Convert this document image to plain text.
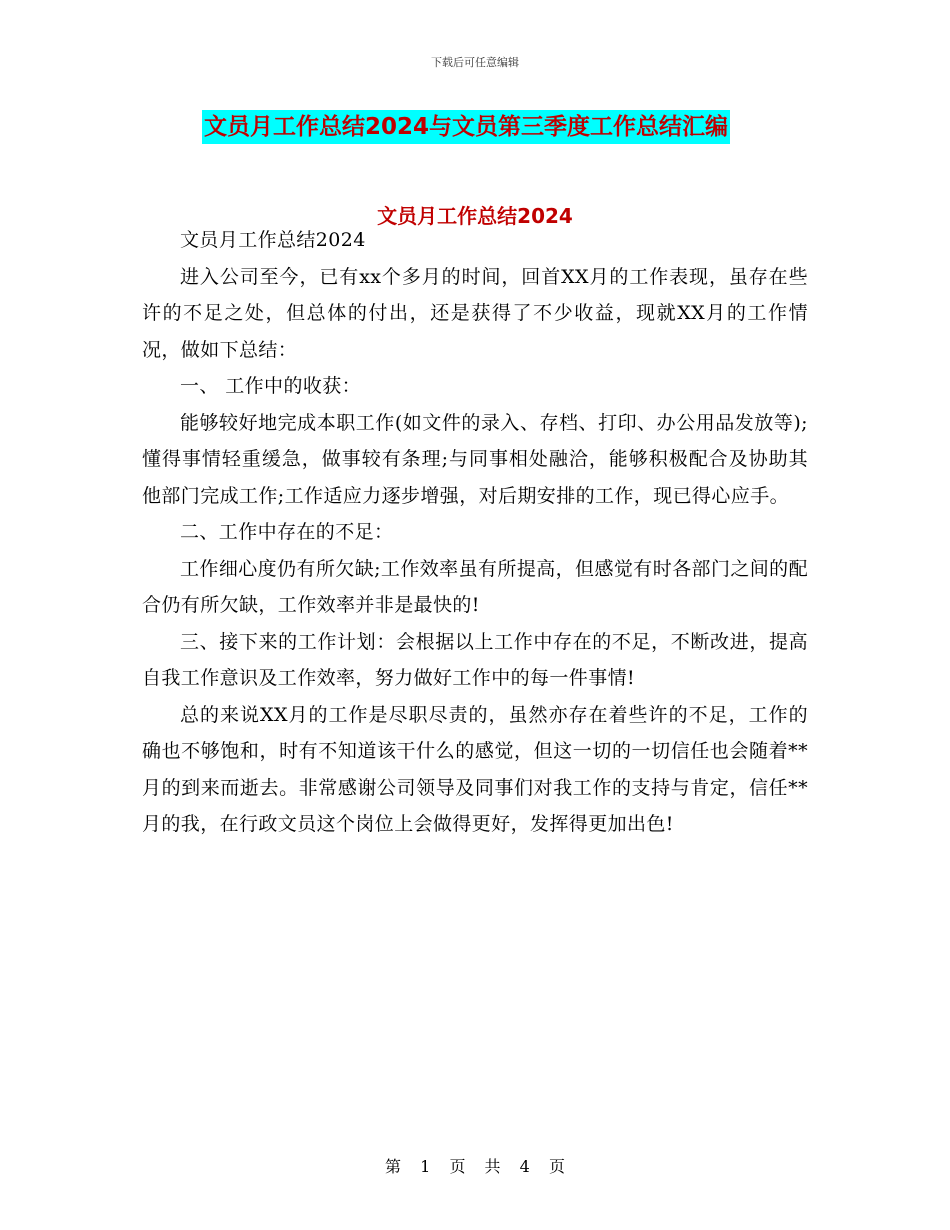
下载后可任意编辑
文员月工作总结2024与文员第三季度工作总结汇编
文员月工作总结2024

文员月工作总结2024

进入公司至今，已有xx个多月的时间，回首XX月的工作表现，虽存在些许的不足之处，但总体的付出，还是获得了不少收益，现就XX月的工作情况，做如下总结：

一、 工作中的收获：

能够较好地完成本职工作(如文件的录入、存档、打印、办公用品发放等);懂得事情轻重缓急，做事较有条理;与同事相处融洽，能够积极配合及协助其他部门完成工作;工作适应力逐步增强，对后期安排的工作，现已得心应手。

二、工作中存在的不足：

工作细心度仍有所欠缺;工作效率虽有所提高，但感觉有时各部门之间的配合仍有所欠缺，工作效率并非是最快的!

三、接下来的工作计划：会根据以上工作中存在的不足，不断改进，提高自我工作意识及工作效率，努力做好工作中的每一件事情!

总的来说XX月的工作是尽职尽责的，虽然亦存在着些许的不足，工作的确也不够饱和，时有不知道该干什么的感觉，但这一切的一切信任也会随着**月的到来而逝去。非常感谢公司领导及同事们对我工作的支持与肯定，信任**月的我，在行政文员这个岗位上会做得更好，发挥得更加出色!

第 1 页 共 4 页
